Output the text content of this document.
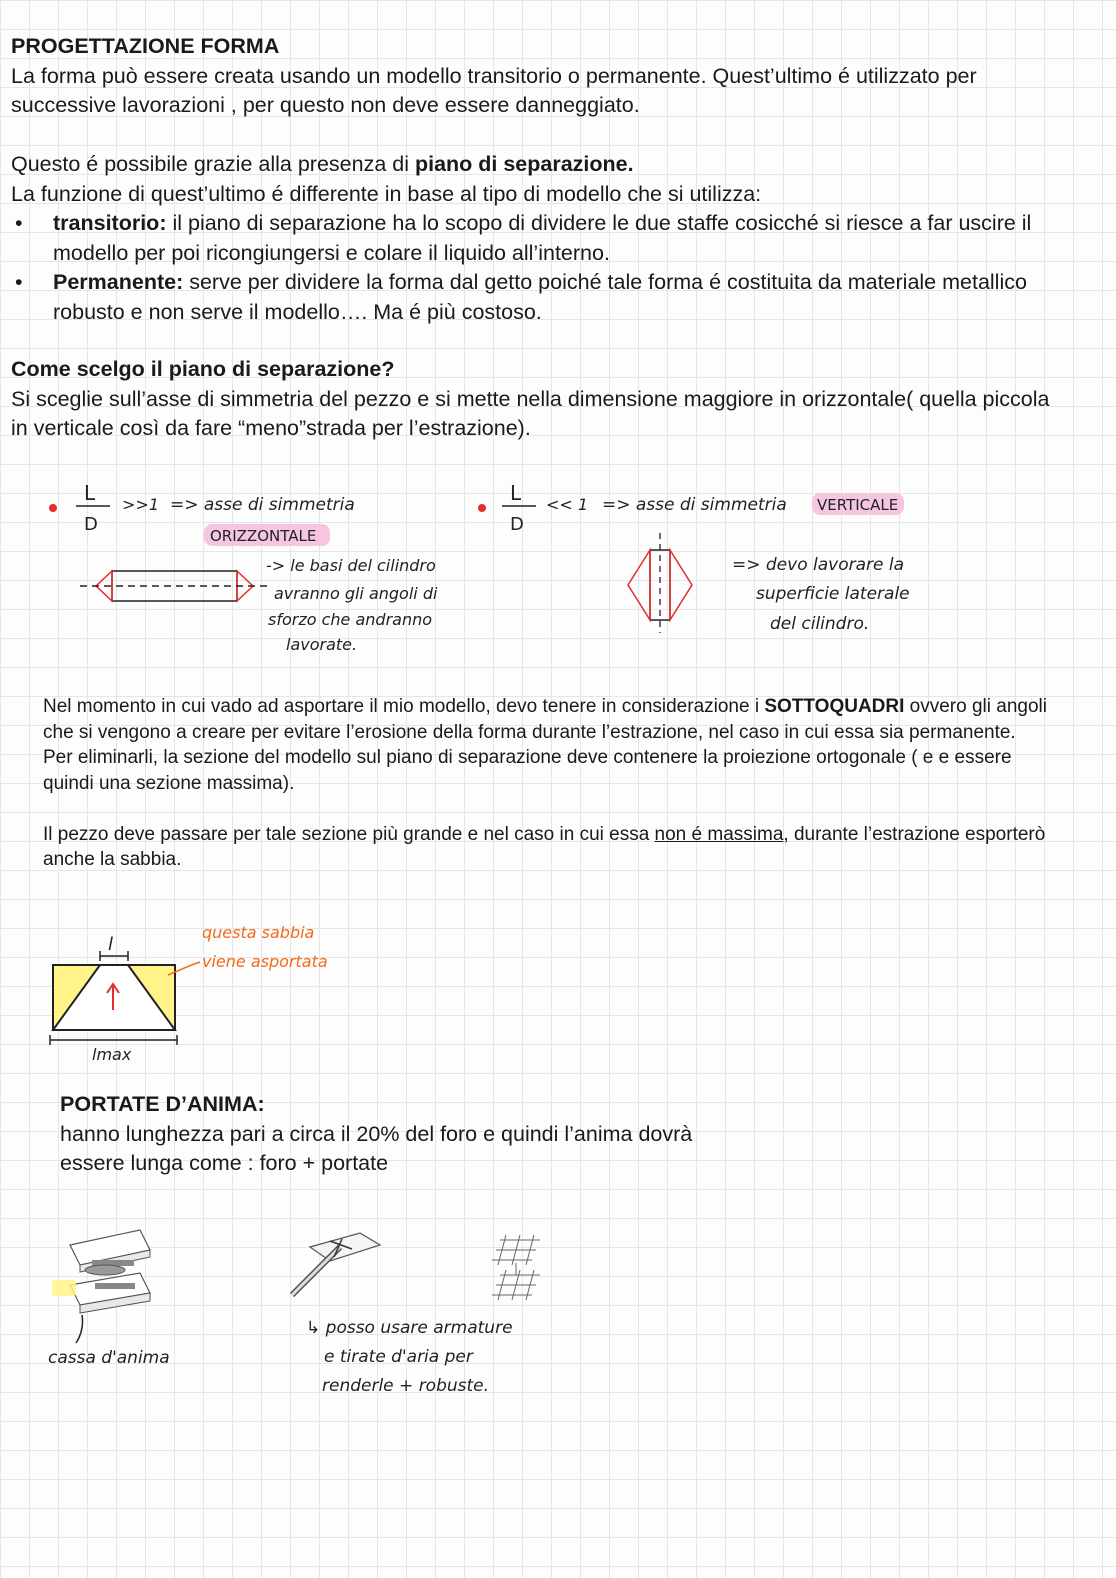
PROGETTAZIONE FORMA
La forma può essere creata usando un modello transitorio o permanente. Quest’ultimo é utilizzato per successive lavorazioni , per questo non deve essere danneggiato.
Questo é possibile grazie alla presenza di piano di separazione.
La funzione di quest’ultimo é differente in base al tipo di modello che si utilizza:
• transitorio: il piano di separazione ha lo scopo di dividere le due staffe cosicché si riesce a far uscire il modello per poi ricongiungersi e colare il liquido all’interno.
• Permanente: serve per dividere la forma dal getto poiché tale forma é costituita da materiale metallico robusto e non serve il modello…. Ma é più costoso.
Come scelgo il piano di separazione?
Si sceglie sull’asse di simmetria del pezzo e si mette nella dimensione maggiore in orizzontale( quella piccola in verticale così da fare “meno”strada per l’estrazione).
L
D
>>1 => asse di simmetria
ORIZZONTALE
-> le basi del cilindro
avranno gli angoli di
sforzo che andranno
lavorate.
L
D
<< 1 => asse di simmetria VERTICALE
=> devo lavorare la
superficie laterale
del cilindro.
Nel momento in cui vado ad asportare il mio modello, devo tenere in considerazione i SOTTOQUADRI ovvero gli angoli che si vengono a creare per evitare l’erosione della forma durante l’estrazione, nel caso in cui essa sia permanente.
Per eliminarli, la sezione del modello sul piano di separazione deve contenere la proiezione ortogonale ( e e essere quindi una sezione massima).
Il pezzo deve passare per tale sezione più grande e nel caso in cui essa non é massima, durante l’estrazione esporterò anche la sabbia.
l
lmax
questa sabbia
viene asportata
PORTATE D’ANIMA:
hanno lunghezza pari a circa il 20% del foro e quindi l’anima dovrà
essere lunga come : foro + portate
cassa d'anima
↳ posso usare armature
e tirate d'aria per
renderle + robuste.
